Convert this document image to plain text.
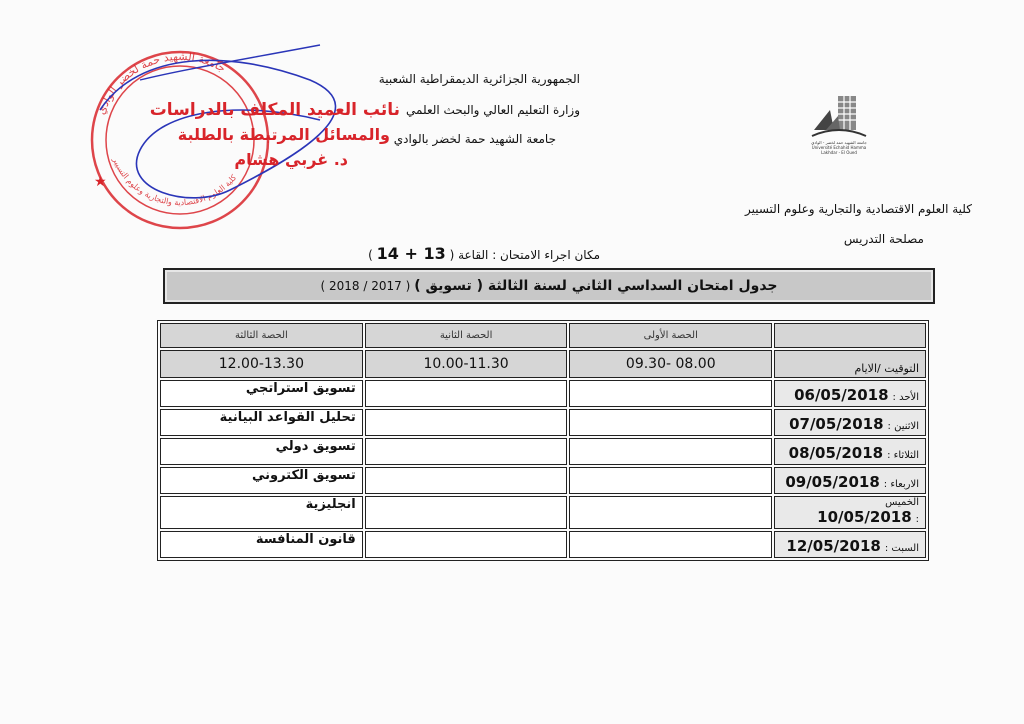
الجمهورية الجزائرية الديمقراطية الشعبية
وزارة التعليم العالي والبحث العلمي
جامعة الشهيد حمة لخضر بالوادي	جامعة الشهيد حمة لخضر - الوادي
Université Echahid Hamma Lakhdar - El Oued
جامعة الشهيد حمة لخضر الوادي
كلية العلوم الاقتصادية والتجارية وعلوم التسيير
★
نائب العميد المكلف بالدراسات
والمسائل المرتبطة بالطلبة
د. غربي هشام
كلية العلوم الاقتصادية والتجارية وعلوم التسيير
مصلحة التدريس
مكان اجراء الامتحان : القاعة ( 13 + 14 )
جدول امتحان السداسي الثاني لسنة الثالثة ( تسويق )
( 2017 / 2018 )
	الحصة الأولى	الحصة الثانية	الحصة الثالثة
التوقيت /الايام	08.00 -09.30	10.00-11.30	12.00-13.30
الأحد :06/05/2018			تسويق استراتجي
الاثنين :07/05/2018			تحليل القواعد البيانية
الثلاثاء :08/05/2018			تسويق دولي
الاربعاء :09/05/2018			تسويق الكتروني
الخميس :10/05/2018			انجليزية
السبت :12/05/2018			قانون المنافسة
